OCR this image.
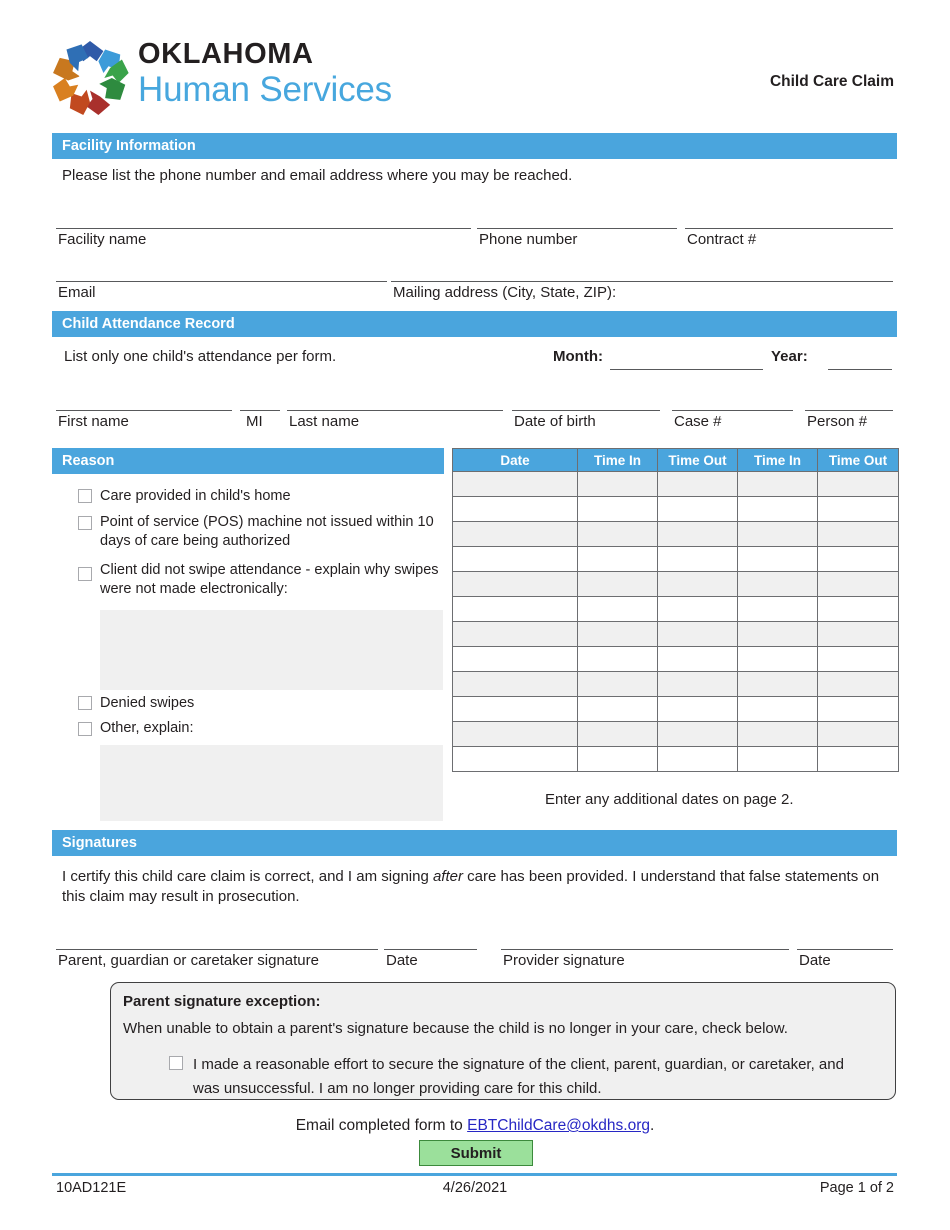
OKLAHOMA
Human Services	Child Care Claim
Facility Information
Please list the phone number and email address where you may be reached.
Facility name	Phone number	Contract #
Email	Mailing address (City, State, ZIP):
Child Attendance Record
List only one child's attendance per form.	Month:	Year:
First name	MI Last name	Date of birth	Case #	Person #
Reason
Care provided in child's home
Point of service (POS) machine not issued within 10 days of care being authorized
Client did not swipe attendance - explain why swipes were not made electronically:
Denied swipes
Other, explain:
Date	Time In	Time Out	Time In	Time Out

Enter any additional dates on page 2.
Signatures
I certify this child care claim is correct, and I am signing after care has been provided. I understand that false statements on this claim may result in prosecution.
Parent, guardian or caretaker signature	Date	Provider signature	Date
Parent signature exception:
When unable to obtain a parent's signature because the child is no longer in your care, check below.
I made a reasonable effort to secure the signature of the client, parent, guardian, or caretaker, and was unsuccessful. I am no longer providing care for this child.
Email completed form to EBTChildCare@okdhs.org.
Submit
10AD121E	4/26/2021	Page 1 of 2
